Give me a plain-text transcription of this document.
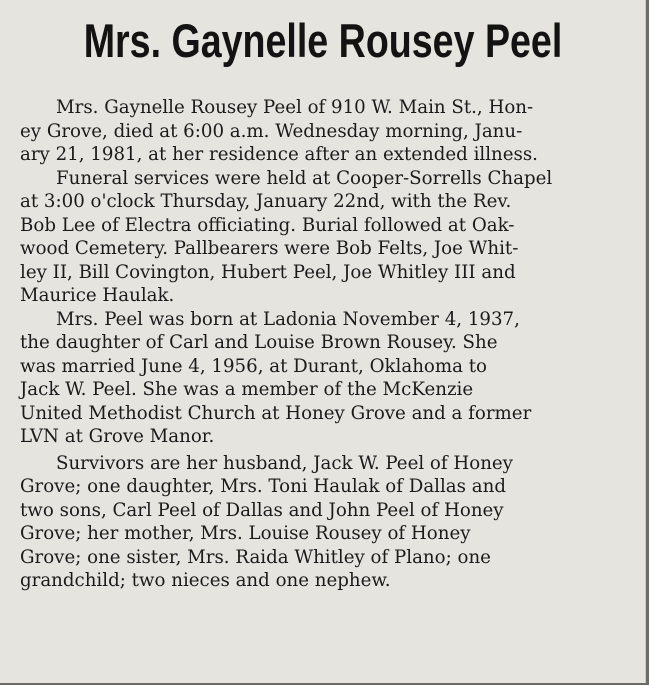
Mrs. Gaynelle Rousey Peel
Mrs. Gaynelle Rousey Peel of 910 W. Main St., Hon-
ey Grove, died at 6:00 a.m. Wednesday morning, Janu-
ary 21, 1981, at her residence after an extended illness.
Funeral services were held at Cooper-Sorrells Chapel
at 3:00 o'clock Thursday, January 22nd, with the Rev.
Bob Lee of Electra officiating. Burial followed at Oak-
wood Cemetery. Pallbearers were Bob Felts, Joe Whit-
ley II, Bill Covington, Hubert Peel, Joe Whitley III and
Maurice Haulak.
Mrs. Peel was born at Ladonia November 4, 1937,
the daughter of Carl and Louise Brown Rousey. She
was married June 4, 1956, at Durant, Oklahoma to
Jack W. Peel. She was a member of the McKenzie
United Methodist Church at Honey Grove and a former
LVN at Grove Manor.
Survivors are her husband, Jack W. Peel of Honey
Grove; one daughter, Mrs. Toni Haulak of Dallas and
two sons, Carl Peel of Dallas and John Peel of Honey
Grove; her mother, Mrs. Louise Rousey of Honey
Grove; one sister, Mrs. Raida Whitley of Plano; one
grandchild; two nieces and one nephew.
